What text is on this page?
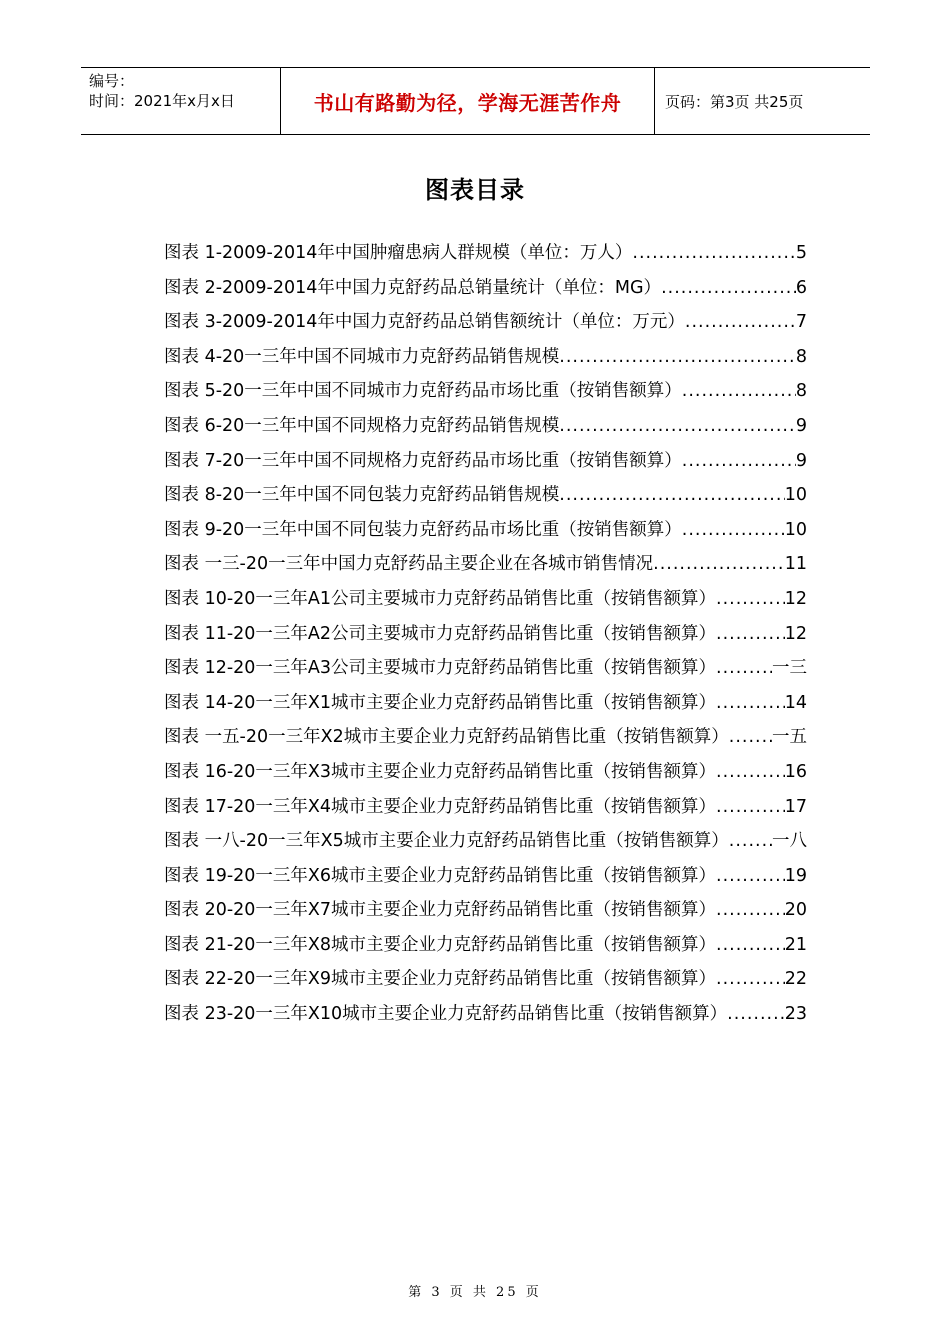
编号：
时间：2021年x月x日	书山有路勤为径，学海无涯苦作舟	页码：第3页 共25页
图表目录
图表 1-2009-2014年中国肿瘤患病人群规模（单位：万人） .....	5
图表 2-2009-2014年中国力克舒药品总销量统计（单位：MG） .....	6
图表 3-2009-2014年中国力克舒药品总销售额统计（单位：万元） .....	7
图表 4-20一三年中国不同城市力克舒药品销售规模 .....	8
图表 5-20一三年中国不同城市力克舒药品市场比重（按销售额算） .....	8
图表 6-20一三年中国不同规格力克舒药品销售规模 .....	9
图表 7-20一三年中国不同规格力克舒药品市场比重（按销售额算） .....	9
图表 8-20一三年中国不同包装力克舒药品销售规模 .....	10
图表 9-20一三年中国不同包装力克舒药品市场比重（按销售额算） .....	10
图表 一三-20一三年中国力克舒药品主要企业在各城市销售情况 .....	11
图表 10-20一三年A1公司主要城市力克舒药品销售比重（按销售额算） .....	12
图表 11-20一三年A2公司主要城市力克舒药品销售比重（按销售额算） .....	12
图表 12-20一三年A3公司主要城市力克舒药品销售比重（按销售额算） .....	一三
图表 14-20一三年X1城市主要企业力克舒药品销售比重（按销售额算） .....	14
图表 一五-20一三年X2城市主要企业力克舒药品销售比重（按销售额算） ..... 一五
图表 16-20一三年X3城市主要企业力克舒药品销售比重（按销售额算） .....	16
图表 17-20一三年X4城市主要企业力克舒药品销售比重（按销售额算） .....	17
图表 一八-20一三年X5城市主要企业力克舒药品销售比重（按销售额算） ..... 一八
图表 19-20一三年X6城市主要企业力克舒药品销售比重（按销售额算） .....	19
图表 20-20一三年X7城市主要企业力克舒药品销售比重（按销售额算） .....	20
图表 21-20一三年X8城市主要企业力克舒药品销售比重（按销售额算） .....	21
图表 22-20一三年X9城市主要企业力克舒药品销售比重（按销售额算） .....	22
图表 23-20一三年X10城市主要企业力克舒药品销售比重（按销售额算） .....	23
第 3 页 共 25 页
